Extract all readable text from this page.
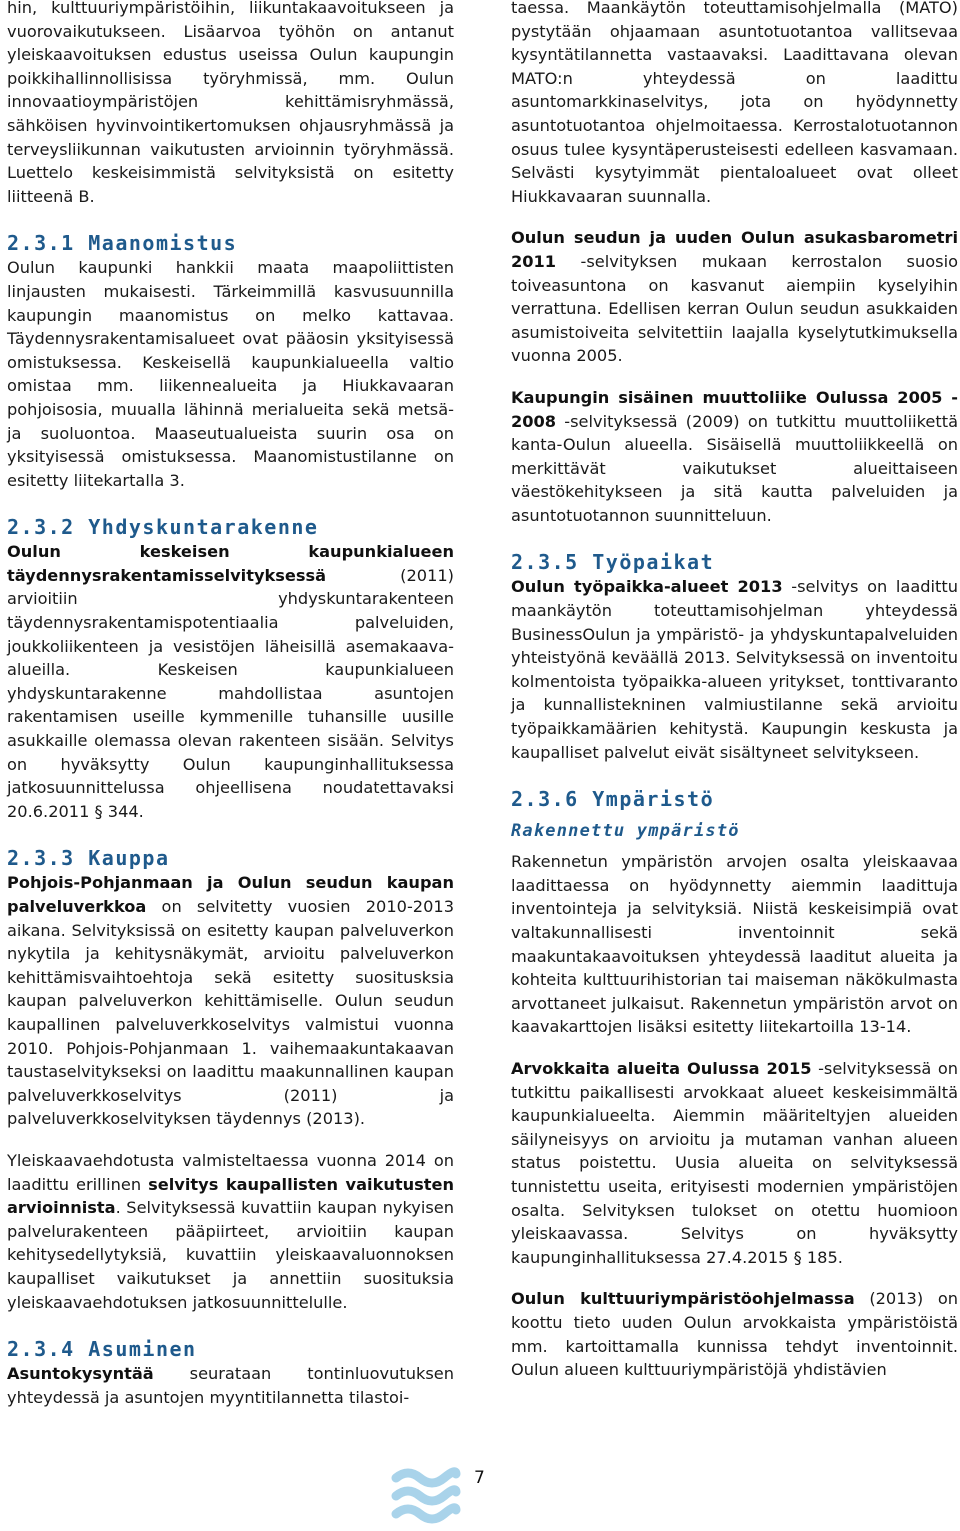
hin, kulttuuriympäristöihin, liikuntakaavoitukseen ja vuorovaikutukseen. Lisäarvoa työhön on antanut yleiskaavoituksen edustus useissa Oulun kaupungin poikkihallinnollisissa työryhmissä, mm. Oulun innovaatioympäristöjen kehittämisryhmässä, sähköisen hyvinvointikertomuksen ohjausryhmässä ja terveysliikunnan vaikutusten arvioinnin työryhmässä. Luettelo keskeisimmistä selvityksistä on esitetty liitteenä B.

2.3.1 Maanomistus

Oulun kaupunki hankkii maata maapoliittisten linjausten mukaisesti. Tärkeimmillä kasvusuunnilla kaupungin maanomistus on melko kattavaa. Täydennysrakentamisalueet ovat pääosin yksityisessä omistuksessa. Keskeisellä kaupunkialueella valtio omistaa mm. liikennealueita ja Hiukkavaaran pohjoisosia, muualla lähinnä merialueita sekä metsä- ja suoluontoa. Maaseutualueista suurin osa on yksityisessä omistuksessa. Maanomistustilanne on esitetty liitekartalla 3.

2.3.2 Yhdyskuntarakenne

Oulun keskeisen kaupunkialueen täydennysrakentamisselvityksessä (2011) arvioitiin yhdyskuntarakenteen täydennysrakentamispotentiaalia palveluiden, joukkoliikenteen ja vesistöjen läheisillä asemakaava-alueilla. Keskeisen kaupunkialueen yhdyskuntarakenne mahdollistaa asuntojen rakentamisen useille kymmenille tuhansille uusille asukkaille olemassa olevan rakenteen sisään. Selvitys on hyväksytty Oulun kaupunginhallituksessa jatkosuunnittelussa ohjeellisena noudatettavaksi 20.6.2011 § 344.

2.3.3 Kauppa

Pohjois-Pohjanmaan ja Oulun seudun kaupan palveluverkkoa on selvitetty vuosien 2010-2013 aikana. Selvityksissä on esitetty kaupan palveluverkon nykytila ja kehitysnäkymät, arvioitu palveluverkon kehittämisvaihtoehtoja sekä esitetty suositusksia kaupan palveluverkon kehittämiselle. Oulun seudun kaupallinen palveluverkkoselvitys valmistui vuonna 2010. Pohjois-Pohjanmaan 1. vaihemaakuntakaavan taustaselvitykseksi on laadittu maakunnallinen kaupan palveluverkkoselvitys (2011) ja palveluverkkoselvityksen täydennys (2013).

Yleiskaavaehdotusta valmisteltaessa vuonna 2014 on laadittu erillinen selvitys kaupallisten vaikutusten arvioinnista. Selvityksessä kuvattiin kaupan nykyisen palvelurakenteen pääpiirteet, arvioitiin kaupan kehitysedellytyksiä, kuvattiin yleiskaavaluonnoksen kaupalliset vaikutukset ja annettiin suosituksia yleiskaavaehdotuksen jatkosuunnittelulle.

2.3.4 Asuminen

Asuntokysyntää seurataan tontinluovutuksen yhteydessä ja asuntojen myyntitilannetta tilastoi-

taessa. Maankäytön toteuttamisohjelmalla (MATO) pystytään ohjaamaan asuntotuotantoa vallitsevaa kysyntätilannetta vastaavaksi. Laadittavana olevan MATO:n yhteydessä on laadittu asuntomarkkinaselvitys, jota on hyödynnetty asuntotuotantoa ohjelmoitaessa. Kerrostalotuotannon osuus tulee kysyntäperusteisesti edelleen kasvamaan. Selvästi kysytyimmät pientaloalueet ovat olleet Hiukkavaaran suunnalla.

Oulun seudun ja uuden Oulun asukasbarometri 2011 -selvityksen mukaan kerrostalon suosio toiveasuntona on kasvanut aiempiin kyselyihin verrattuna. Edellisen kerran Oulun seudun asukkaiden asumistoiveita selvitettiin laajalla kyselytutkimuksella vuonna 2005.

Kaupungin sisäinen muuttoliike Oulussa 2005 - 2008 -selvityksessä (2009) on tutkittu muuttoliikettä kanta-Oulun alueella. Sisäisellä muuttoliikkeellä on merkittävät vaikutukset alueittaiseen väestökehitykseen ja sitä kautta palveluiden ja asuntotuotannon suunnitteluun.

2.3.5 Työpaikat

Oulun työpaikka-alueet 2013 -selvitys on laadittu maankäytön toteuttamisohjelman yhteydessä BusinessOulun ja ympäristö- ja yhdyskuntapalveluiden yhteistyönä keväällä 2013. Selvityksessä on inventoitu kolmentoista työpaikka-alueen yritykset, tonttivaranto ja kunnallistekninen valmiustilanne sekä arvioitu työpaikkamäärien kehitystä. Kaupungin keskusta ja kaupalliset palvelut eivät sisältyneet selvitykseen.

2.3.6 Ympäristö
Rakennettu ympäristö

Rakennetun ympäristön arvojen osalta yleiskaavaa laadittaessa on hyödynnetty aiemmin laadittuja inventointeja ja selvityksiä. Niistä keskeisimpiä ovat valtakunnallisesti inventoinnit sekä maakuntakaavoituksen yhteydessä laaditut alueita ja kohteita kulttuurihistorian tai maiseman näkökulmasta arvottaneet julkaisut. Rakennetun ympäristön arvot on kaavakarttojen lisäksi esitetty liitekartoilla 13-14.

Arvokkaita alueita Oulussa 2015 -selvityksessä on tutkittu paikallisesti arvokkaat alueet keskeisimmältä kaupunkialueelta. Aiemmin määriteltyjen alueiden säilyneisyys on arvioitu ja mutaman vanhan alueen status poistettu. Uusia alueita on selvityksessä tunnistettu useita, erityisesti modernien ympäristöjen osalta. Selvityksen tulokset on otettu huomioon yleiskaavassa. Selvitys on hyväksytty kaupunginhallituksessa 27.4.2015 § 185.

Oulun kulttuuriympäristöohjelmassa (2013) on koottu tieto uuden Oulun arvokkaista ympäristöistä mm. kartoittamalla kunnissa tehdyt inventoinnit. Oulun alueen kulttuuriympäristöjä yhdistävien

7
